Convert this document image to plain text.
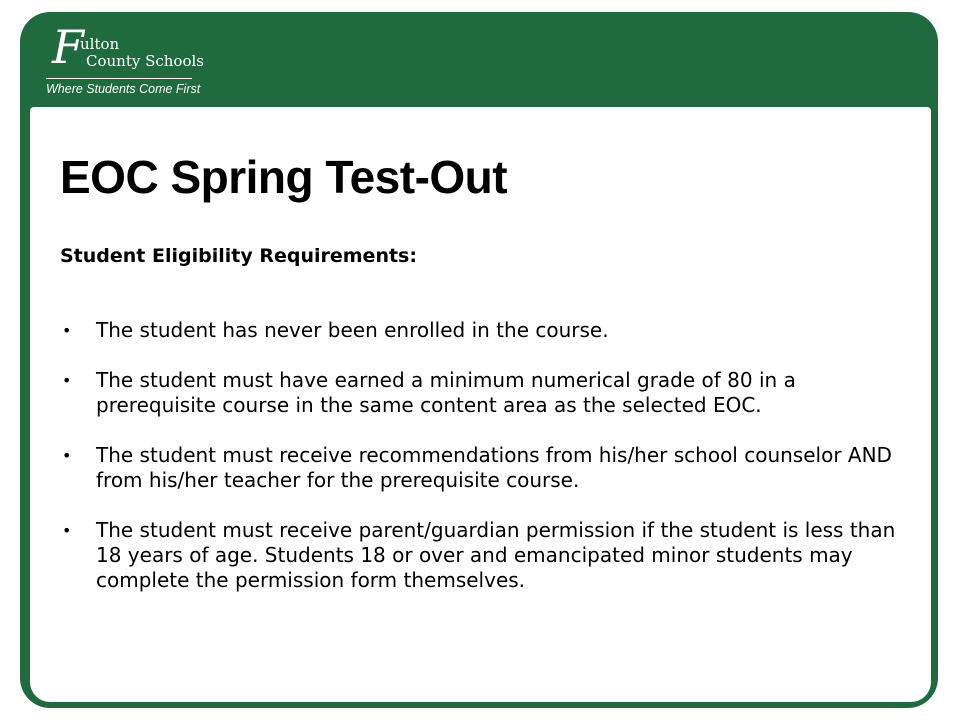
F
ulton
County Schools
Where Students Come First
EOC Spring Test-Out
Student Eligibility Requirements:
• The student has never been enrolled in the course.
• The student must have earned a minimum numerical grade of 80 in a prerequisite course in the same content area as the selected EOC.
• The student must receive recommendations from his/her school counselor AND from his/her teacher for the prerequisite course.
• The student must receive parent/guardian permission if the student is less than 18 years of age. Students 18 or over and emancipated minor students may complete the permission form themselves.
